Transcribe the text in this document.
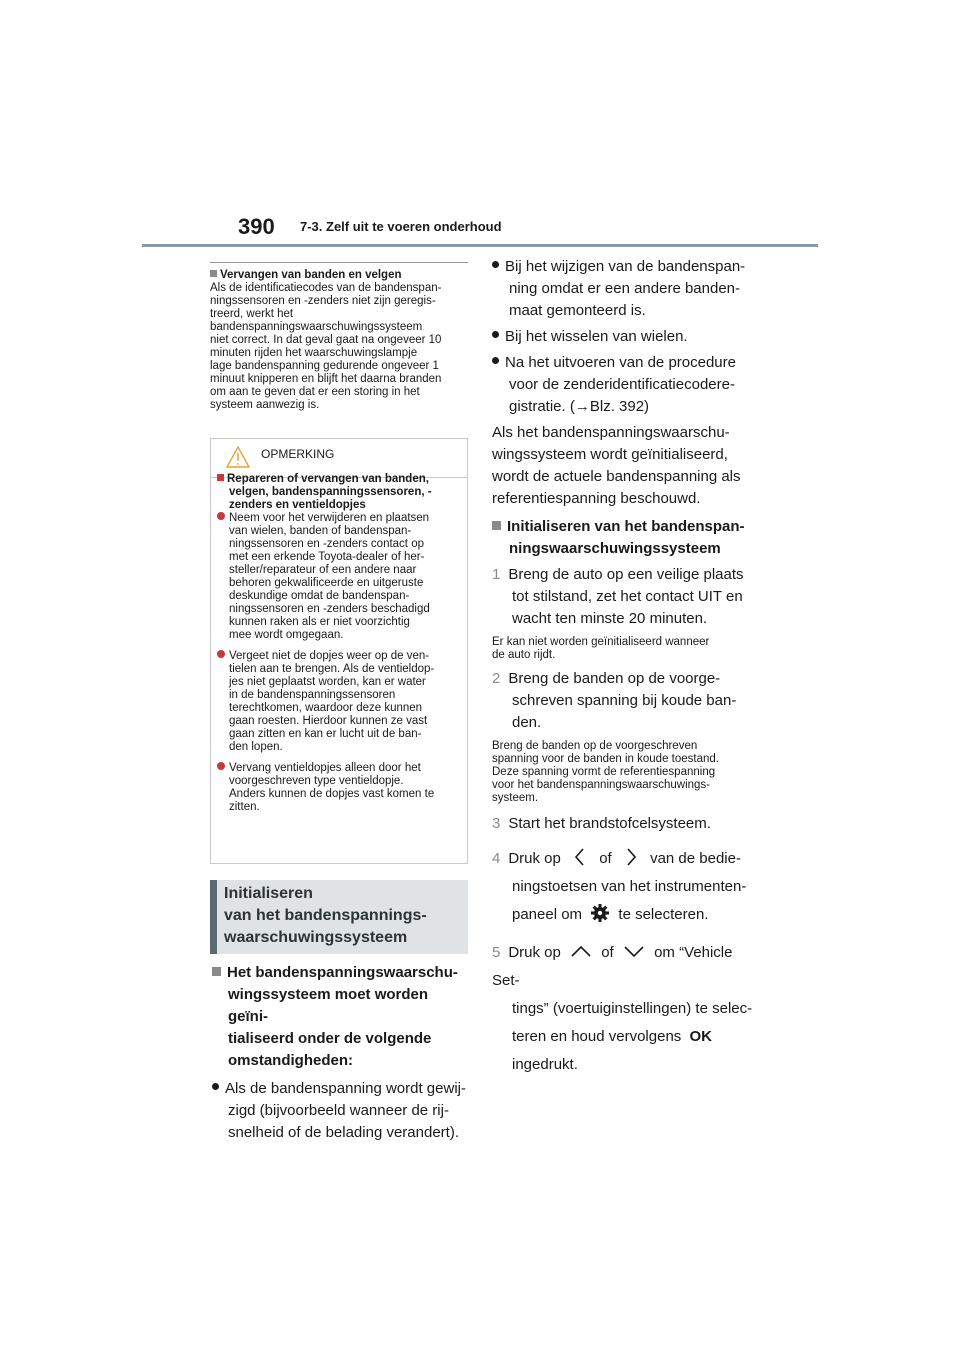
390 7-3. Zelf uit te voeren onderhoud
Vervangen van banden en velgen
Als de identificatiecodes van de bandenspan-
ningssensoren en -zenders niet zijn geregis-
treerd, werkt het
bandenspanningswaarschuwingssysteem
niet correct. In dat geval gaat na ongeveer 10
minuten rijden het waarschuwingslampje
lage bandenspanning gedurende ongeveer 1
minuut knipperen en blijft het daarna branden
om aan te geven dat er een storing in het
systeem aanwezig is.
OPMERKING
Repareren of vervangen van banden,
velgen, bandenspanningssensoren, -
zenders en ventieldopjes
Neem voor het verwijderen en plaatsen
van wielen, banden of bandenspan-
ningssensoren en -zenders contact op
met een erkende Toyota-dealer of her-
steller/reparateur of een andere naar
behoren gekwalificeerde en uitgeruste
deskundige omdat de bandenspan-
ningssensoren en -zenders beschadigd
kunnen raken als er niet voorzichtig
mee wordt omgegaan.
Vergeet niet de dopjes weer op de ven-
tielen aan te brengen. Als de ventieldop-
jes niet geplaatst worden, kan er water
in de bandenspanningssensoren
terechtkomen, waardoor deze kunnen
gaan roesten. Hierdoor kunnen ze vast
gaan zitten en kan er lucht uit de ban-
den lopen.
Vervang ventieldopjes alleen door het
voorgeschreven type ventieldopje.
Anders kunnen de dopjes vast komen te
zitten.
Initialiseren
van het bandenspannings-
waarschuwingssysteem
Het bandenspanningswaarschu-
wingssysteem moet worden geïni-
tialiseerd onder de volgende
omstandigheden:
Als de bandenspanning wordt gewij-
zigd (bijvoorbeeld wanneer de rij-
snelheid of de belading verandert).
Bij het wijzigen van de bandenspan-
ning omdat er een andere banden-
maat gemonteerd is.
Bij het wisselen van wielen.
Na het uitvoeren van de procedure
voor de zenderidentificatiecodere-
gistratie. (→Blz. 392)
Als het bandenspanningswaarschu-
wingssysteem wordt geïnitialiseerd,
wordt de actuele bandenspanning als
referentiespanning beschouwd.
Initialiseren van het bandenspan-
ningswaarschuwingssysteem
1 Breng de auto op een veilige plaats
tot stilstand, zet het contact UIT en
wacht ten minste 20 minuten.
Er kan niet worden geïnitialiseerd wanneer
de auto rijdt.
2 Breng de banden op de voorge-
schreven spanning bij koude ban-
den.
Breng de banden op de voorgeschreven
spanning voor de banden in koude toestand.
Deze spanning vormt de referentiespanning
voor het bandenspanningswaarschuwings-
systeem.
3 Start het brandstofcelsysteem.
4 Druk op	of	van de bedie-
ningstoetsen van het instrumenten-
paneel om te selecteren.
5 Druk op	of	om “Vehicle Set-
tings” (voertuiginstellingen) te selec-
teren en houd vervolgens OK
ingedrukt.
